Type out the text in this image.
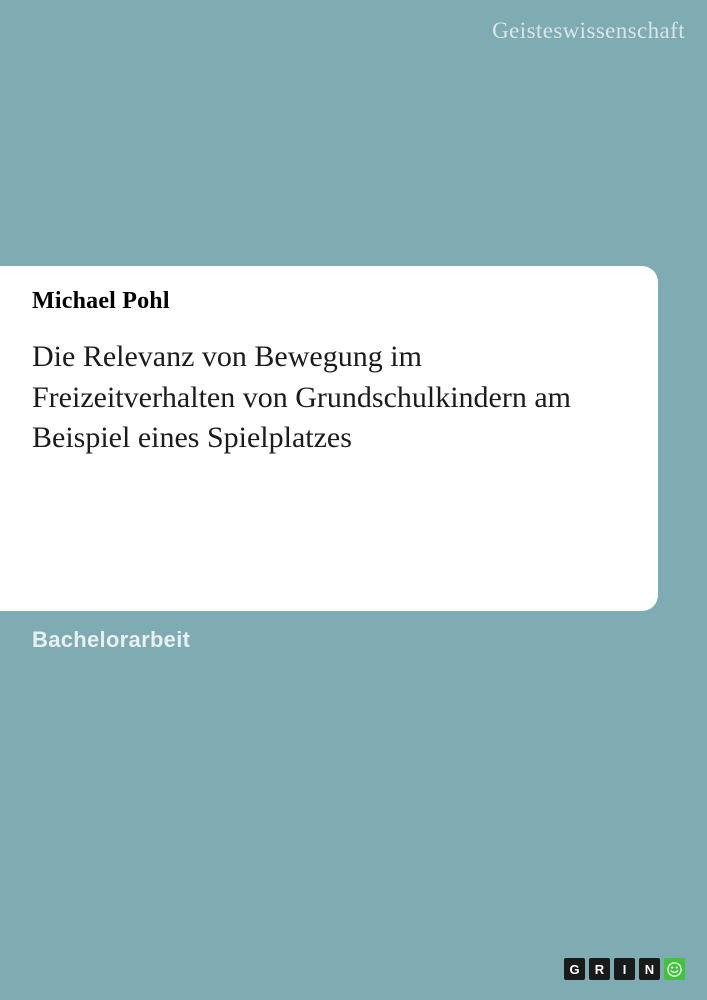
Geisteswissenschaft
Michael Pohl
Die Relevanz von Bewegung im Freizeitverhalten von Grundschulkindern am Beispiel eines Spielplatzes
Bachelorarbeit
G	R	I	N
